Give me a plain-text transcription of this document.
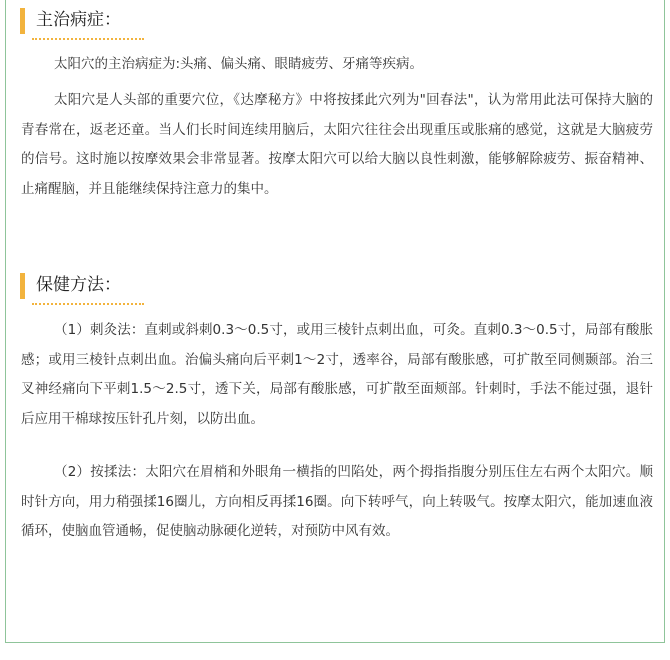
主治病症：

太阳穴的主治病症为:头痛、偏头痛、眼睛疲劳、牙痛等疾病。

太阳穴是人头部的重要穴位，《达摩秘方》中将按揉此穴列为"回春法"，认为常用此法可保持大脑的青春常在，返老还童。当人们长时间连续用脑后，太阳穴往往会出现重压或胀痛的感觉，这就是大脑疲劳的信号。这时施以按摩效果会非常显著。按摩太阳穴可以给大脑以良性刺激，能够解除疲劳、振奋精神、止痛醒脑，并且能继续保持注意力的集中。

保健方法：

（1）刺灸法：直刺或斜刺0.3～0.5寸，或用三棱针点刺出血，可灸。直刺0.3～0.5寸，局部有酸胀感；或用三棱针点刺出血。治偏头痛向后平刺1～2寸，透率谷，局部有酸胀感，可扩散至同侧颞部。治三叉神经痛向下平刺1.5～2.5寸，透下关，局部有酸胀感，可扩散至面颊部。针刺时，手法不能过强，退针后应用干棉球按压针孔片刻，以防出血。

（2）按揉法：太阳穴在眉梢和外眼角一横指的凹陷处，两个拇指指腹分别压住左右两个太阳穴。顺时针方向，用力稍强揉16圈儿，方向相反再揉16圈。向下转呼气，向上转吸气。按摩太阳穴，能加速血液循环，使脑血管通畅，促使脑动脉硬化逆转，对预防中风有效。
